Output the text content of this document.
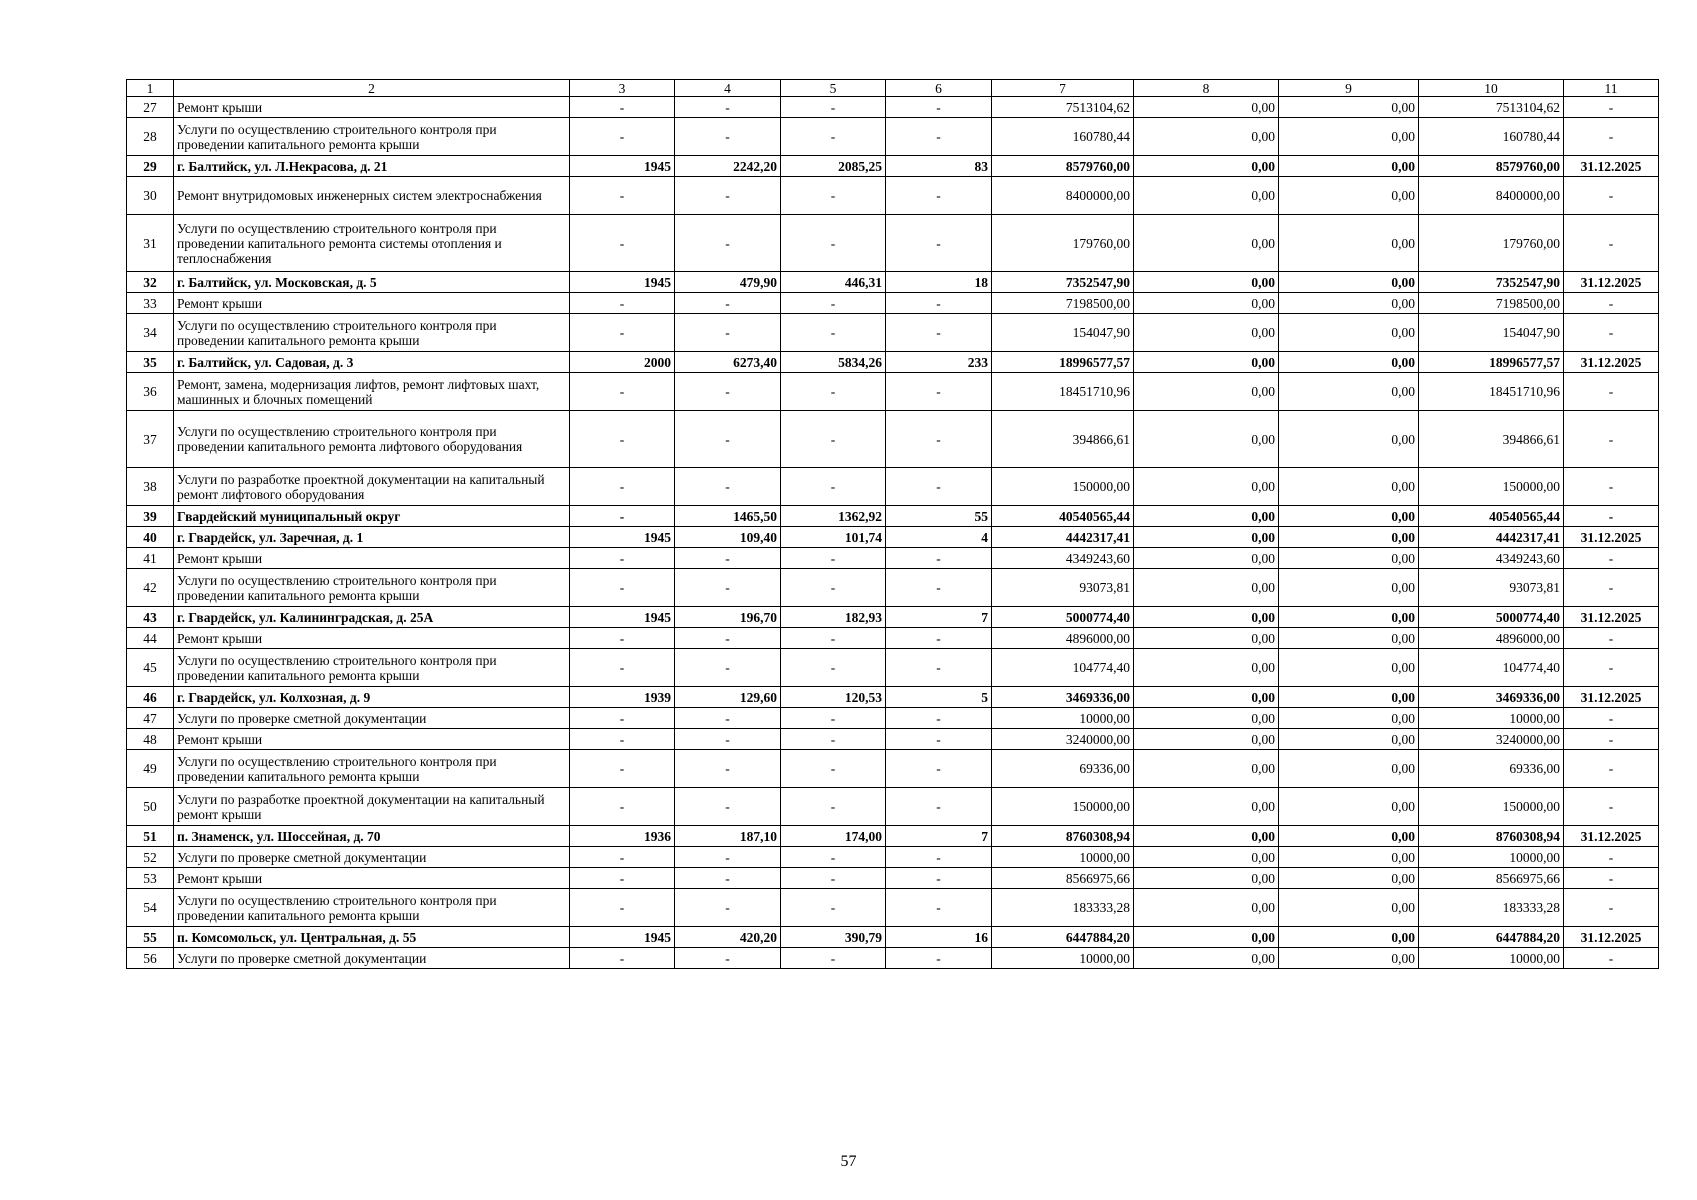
1	2	3	4	5	6	7	8	9	10	11
27	Ремонт крыши	-	-	-	-	7513104,62	0,00	0,00	7513104,62	-
28	Услуги по осуществлению строительного контроля при проведении капитального ремонта крыши	-	-	-	-	160780,44	0,00	0,00	160780,44	-
29	г. Балтийск, ул. Л.Некрасова, д. 21	1945	2242,20	2085,25	83	8579760,00	0,00	0,00	8579760,00	31.12.2025
30	Ремонт внутридомовых инженерных систем электроснабжения	-	-	-	-	8400000,00	0,00	0,00	8400000,00	-
31	Услуги по осуществлению строительного контроля при проведении капитального ремонта системы отопления и теплоснабжения	-	-	-	-	179760,00	0,00	0,00	179760,00	-
32	г. Балтийск, ул. Московская, д. 5	1945	479,90	446,31	18	7352547,90	0,00	0,00	7352547,90	31.12.2025
33	Ремонт крыши	-	-	-	-	7198500,00	0,00	0,00	7198500,00	-
34	Услуги по осуществлению строительного контроля при проведении капитального ремонта крыши	-	-	-	-	154047,90	0,00	0,00	154047,90	-
35	г. Балтийск, ул. Садовая, д. 3	2000	6273,40	5834,26	233	18996577,57	0,00	0,00	18996577,57	31.12.2025
36	Ремонт, замена, модернизация лифтов, ремонт лифтовых шахт, машинных и блочных помещений	-	-	-	-	18451710,96	0,00	0,00	18451710,96	-
37	Услуги по осуществлению строительного контроля при проведении капитального ремонта лифтового оборудования	-	-	-	-	394866,61	0,00	0,00	394866,61	-
38	Услуги по разработке проектной документации на капитальный ремонт лифтового оборудования	-	-	-	-	150000,00	0,00	0,00	150000,00	-
39	Гвардейский муниципальный округ	-	1465,50	1362,92	55	40540565,44	0,00	0,00	40540565,44	-
40	г. Гвардейск, ул. Заречная, д. 1	1945	109,40	101,74	4	4442317,41	0,00	0,00	4442317,41	31.12.2025
41	Ремонт крыши	-	-	-	-	4349243,60	0,00	0,00	4349243,60	-
42	Услуги по осуществлению строительного контроля при проведении капитального ремонта крыши	-	-	-	-	93073,81	0,00	0,00	93073,81	-
43	г. Гвардейск, ул. Калининградская, д. 25А	1945	196,70	182,93	7	5000774,40	0,00	0,00	5000774,40	31.12.2025
44	Ремонт крыши	-	-	-	-	4896000,00	0,00	0,00	4896000,00	-
45	Услуги по осуществлению строительного контроля при проведении капитального ремонта крыши	-	-	-	-	104774,40	0,00	0,00	104774,40	-
46	г. Гвардейск, ул. Колхозная, д. 9	1939	129,60	120,53	5	3469336,00	0,00	0,00	3469336,00	31.12.2025
47	Услуги по проверке сметной документации	-	-	-	-	10000,00	0,00	0,00	10000,00	-
48	Ремонт крыши	-	-	-	-	3240000,00	0,00	0,00	3240000,00	-
49	Услуги по осуществлению строительного контроля при проведении капитального ремонта крыши	-	-	-	-	69336,00	0,00	0,00	69336,00	-
50	Услуги по разработке проектной документации на капитальный ремонт крыши	-	-	-	-	150000,00	0,00	0,00	150000,00	-
51	п. Знаменск, ул. Шоссейная, д. 70	1936	187,10	174,00	7	8760308,94	0,00	0,00	8760308,94	31.12.2025
52	Услуги по проверке сметной документации	-	-	-	-	10000,00	0,00	0,00	10000,00	-
53	Ремонт крыши	-	-	-	-	8566975,66	0,00	0,00	8566975,66	-
54	Услуги по осуществлению строительного контроля при проведении капитального ремонта крыши	-	-	-	-	183333,28	0,00	0,00	183333,28	-
55	п. Комсомольск, ул. Центральная, д. 55	1945	420,20	390,79	16	6447884,20	0,00	0,00	6447884,20	31.12.2025
56	Услуги по проверке сметной документации	-	-	-	-	10000,00	0,00	0,00	10000,00	-
57
